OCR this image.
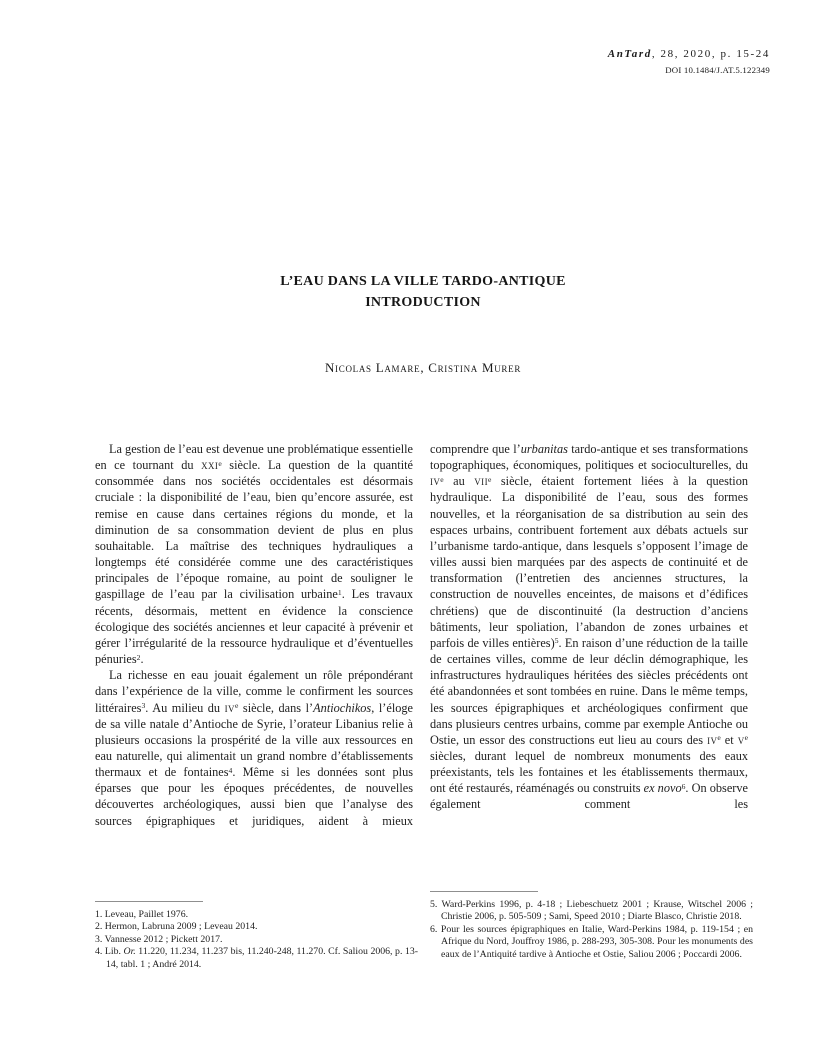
AnTard, 28, 2020, p. 15-24
DOI 10.1484/J.AT.5.122349
L’EAU DANS LA VILLE TARDO-ANTIQUE
INTRODUCTION
Nicolas Lamare, Cristina Murer
La gestion de l’eau est devenue une problématique essentielle en ce tournant du xxi$^e$ siècle. La question de la quantité consommée dans nos sociétés occidentales est désormais cruciale : la disponibilité de l’eau, bien qu’encore assurée, est remise en cause dans certaines régions du monde, et la diminution de sa consommation devient de plus en plus souhaitable. La maîtrise des techniques hydrauliques a longtemps été considérée comme une des caractéristiques principales de l’époque romaine, au point de souligner le gaspillage de l’eau par la civilisation urbaine$^1$. Les travaux récents, désormais, mettent en évidence la conscience écologique des sociétés anciennes et leur capacité à prévenir et gérer l’irrégularité de la ressource hydraulique et d’éventuelles pénuries$^2$.
La richesse en eau jouait également un rôle prépondérant dans l’expérience de la ville, comme le confirment les sources littéraires$^3$. Au milieu du $iv^e$ siècle, dans l’Antiochikos, l’éloge de sa ville natale d’Antioche de Syrie, l’orateur Libanius relie à plusieurs occasions la prospérité de la ville aux ressources en eau naturelle, qui alimentait un grand nombre d’établissements thermaux et de fontaines$^4$. Même si les données sont plus éparses que pour les époques précédentes, de nouvelles découvertes archéologiques, aussi bien que l’analyse des sources épigraphiques et juridiques, aident à mieux
comprendre que l’urbanitas tardo-antique et ses transformations topographiques, économiques, politiques et socioculturelles, du $iv^e$ au vii$^e$ siècle, étaient fortement liées à la question hydraulique. La disponibilité de l’eau, sous des formes nouvelles, et la réorganisation de sa distribution au sein des espaces urbains, contribuent fortement aux débats actuels sur l’urbanisme tardo-antique, dans lesquels s’opposent l’image de villes aussi bien marquées par des aspects de continuité et de transformation (l’entretien des anciennes structures, la construction de nouvelles enceintes, de maisons et d’édifices chrétiens) que de discontinuité (la destruction d’anciens bâtiments, leur spoliation, l’abandon de zones urbaines et parfois de villes entières)$^5$. En raison d’une réduction de la taille de certaines villes, comme de leur déclin démographique, les infrastructures hydrauliques héritées des siècles précédents ont été abandonnées et sont tombées en ruine. Dans le même temps, les sources épigraphiques et archéologiques confirment que dans plusieurs centres urbains, comme par exemple Antioche ou Ostie, un essor des constructions eut lieu au cours des $iv^e$ et $v^e$ siècles, durant lequel de nombreux monuments des eaux préexistants, tels les fontaines et les établissements thermaux, ont été restaurés, réaménagés ou construits ex novo$^6$. On observe également comment les
1. Leveau, Paillet 1976.
2. Hermon, Labruna 2009 ; Leveau 2014.
3. Vannesse 2012 ; Pickett 2017.
4. Lib. Or. 11.220, 11.234, 11.237 bis, 11.240-248, 11.270. Cf. Saliou 2006, p. 13-14, tabl. 1 ; André 2014.
5. Ward-Perkins 1996, p. 4-18 ; Liebeschuetz 2001 ; Krause, Witschel 2006 ; Christie 2006, p. 505-509 ; Sami, Speed 2010 ; Diarte Blasco, Christie 2018.
6. Pour les sources épigraphiques en Italie, Ward-Perkins 1984, p. 119-154 ; en Afrique du Nord, Jouffroy 1986, p. 288-293, 305-308. Pour les monuments des eaux de l’Antiquité tardive à Antioche et Ostie, Saliou 2006 ; Poccardi 2006.
